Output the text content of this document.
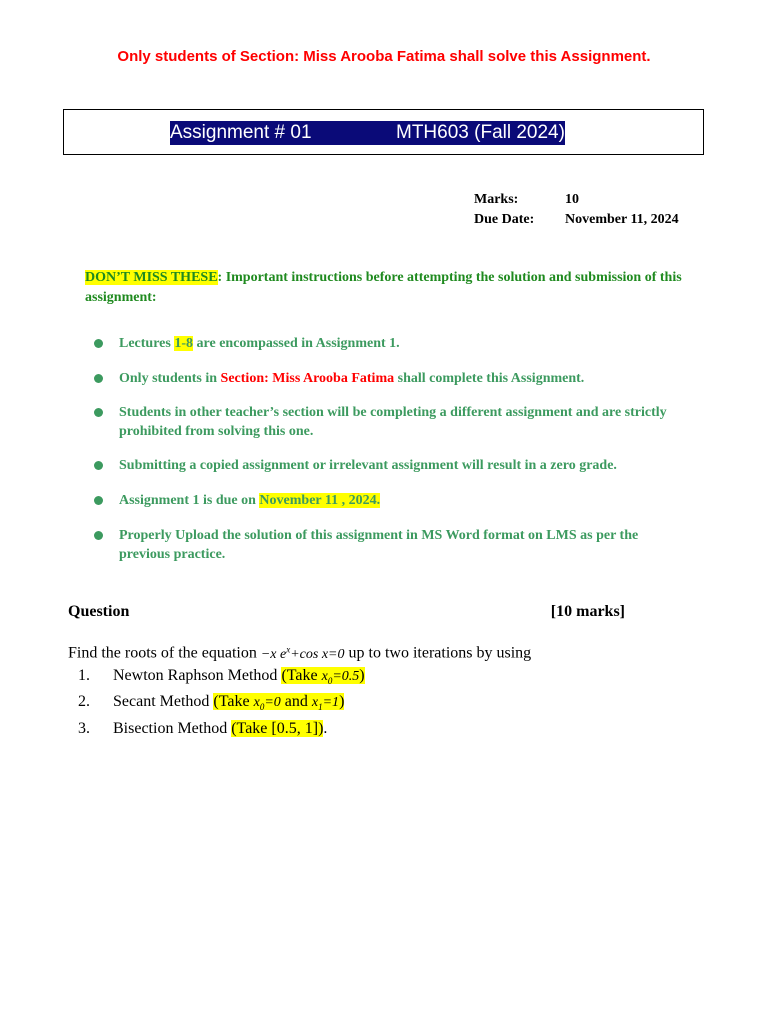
Only students of Section: Miss Arooba Fatima shall solve this Assignment.
Assignment # 01	MTH603 (Fall 2024)
Marks:	10
Due Date:	November 11, 2024
DON’T MISS THESE: Important instructions before attempting the solution and submission of this assignment:
Lectures 1-8 are encompassed in Assignment 1.
Only students in Section: Miss Arooba Fatima shall complete this Assignment.
Students in other teacher’s section will be completing a different assignment and are strictly prohibited from solving this one.
Submitting a copied assignment or irrelevant assignment will result in a zero grade.
Assignment 1 is due on November 11 , 2024.
Properly Upload the solution of this assignment in MS Word format on LMS as per the previous practice.
Question	[10 marks]
Find the roots of the equation −x $e^x+\cos$ x=0 up to two iterations by using
1. Newton Raphson Method (Take $x_0=0.5$)
2. Secant Method (Take $x_0=0$ and $x_1=1$)
3. Bisection Method (Take [0.5, 1]).
